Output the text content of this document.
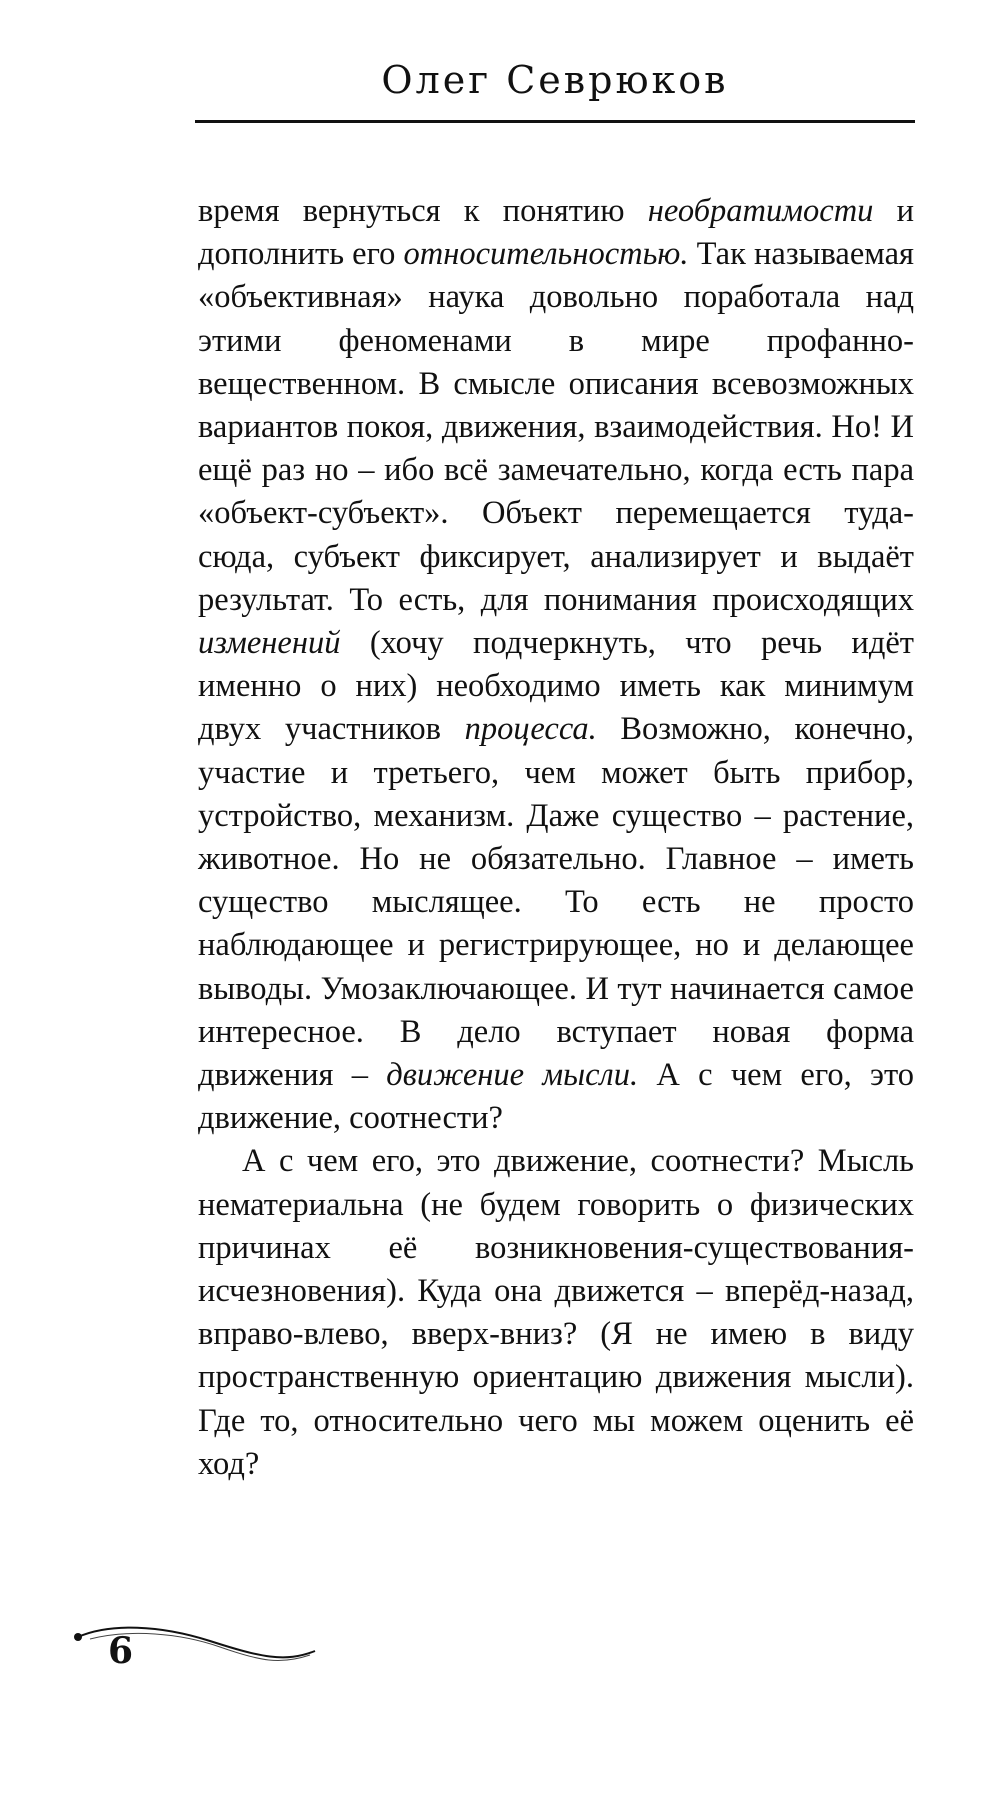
Олег Севрюков

время вернуться к понятию необратимости и дополнить его относительностью. Так называемая «объективная» наука довольно поработала над этими феноменами в мире профанно-вещественном. В смысле описания всевозможных вариантов покоя, движения, взаимодействия. Но! И ещё раз но – ибо всё замечательно, когда есть пара «объект-субъект». Объект перемещается туда-сюда, субъект фиксирует, анализирует и выдаёт результат. То есть, для понимания происходящих изменений (хочу подчеркнуть, что речь идёт именно о них) необходимо иметь как минимум двух участников процесса. Возможно, конечно, участие и третьего, чем может быть прибор, устройство, механизм. Даже существо – растение, животное. Но не обязательно. Главное – иметь существо мыслящее. То есть не просто наблюдающее и регистрирующее, но и делающее выводы. Умозаключающее. И тут начинается самое интересное. В дело вступает новая форма движения – движение мысли. А с чем его, это движение, соотнести?

А с чем его, это движение, соотнести? Мысль нематериальна (не будем говорить о физических причинах её возникновения-существования-исчезновения). Куда она движется – вперёд-назад, вправо-влево, вверх-вниз? (Я не имею в виду пространственную ориентацию движения мысли). Где то, относительно чего мы можем оценить её ход?

6
